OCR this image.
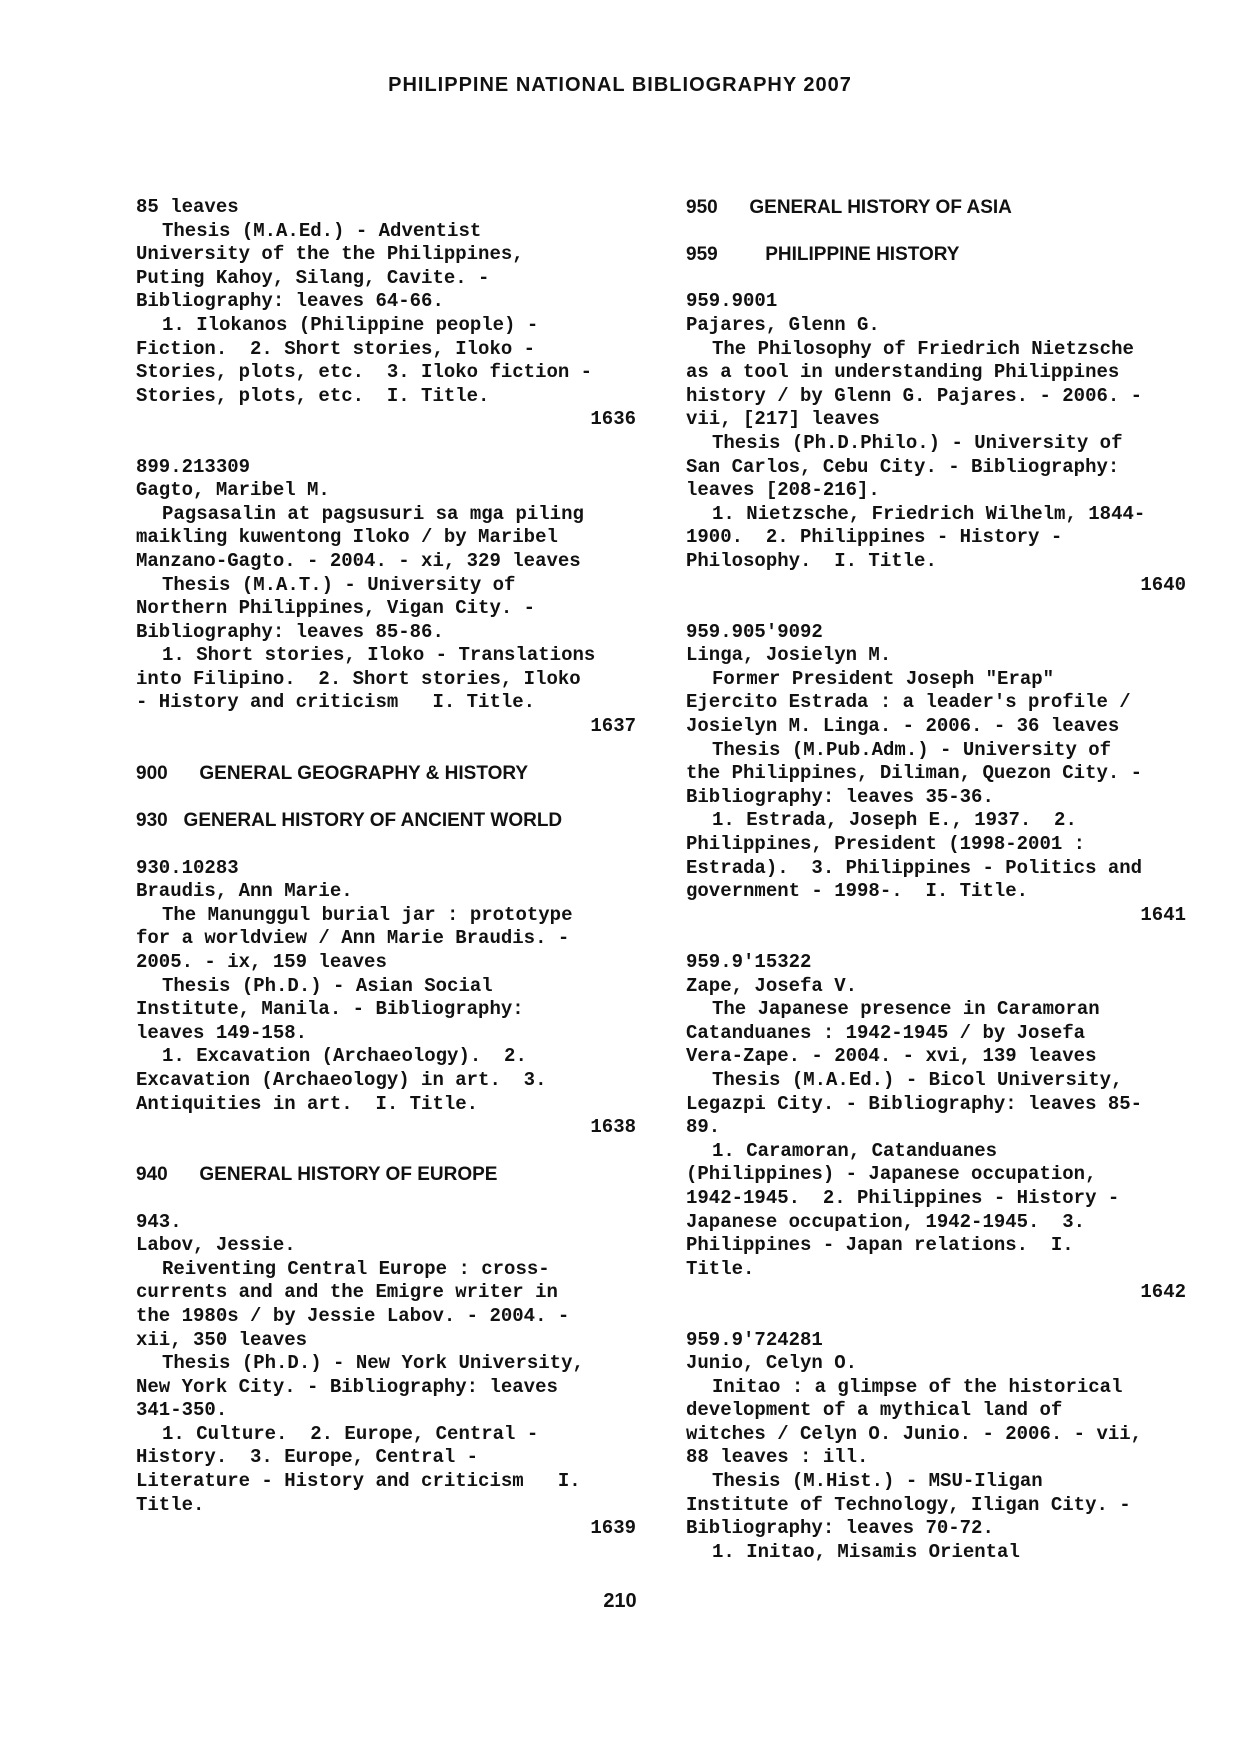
PHILIPPINE NATIONAL BIBLIOGRAPHY 2007
85 leaves
Thesis (M.A.Ed.) - Adventist
University of the the Philippines,
Puting Kahoy, Silang, Cavite. -
Bibliography: leaves 64-66.
1. Ilokanos (Philippine people) -
Fiction.  2. Short stories, Iloko -
Stories, plots, etc.  3. Iloko fiction -
Stories, plots, etc.  I. Title.
1636
899.213309
Gagto, Maribel M.
Pagsasalin at pagsusuri sa mga piling
maikling kuwentong Iloko / by Maribel
Manzano-Gagto. - 2004. - xi, 329 leaves
Thesis (M.A.T.) - University of
Northern Philippines, Vigan City. -
Bibliography: leaves 85-86.
1. Short stories, Iloko - Translations
into Filipino.  2. Short stories, Iloko
- History and criticism   I. Title.
1637
900      GENERAL GEOGRAPHY & HISTORY
930   GENERAL HISTORY OF ANCIENT WORLD
930.10283
Braudis, Ann Marie.
The Manunggul burial jar : prototype
for a worldview / Ann Marie Braudis. -
2005. - ix, 159 leaves
Thesis (Ph.D.) - Asian Social
Institute, Manila. - Bibliography:
leaves 149-158.
1. Excavation (Archaeology).  2.
Excavation (Archaeology) in art.  3.
Antiquities in art.  I. Title.
1638
940      GENERAL HISTORY OF EUROPE
943.
Labov, Jessie.
Reiventing Central Europe : cross-
currents and and the Emigre writer in
the 1980s / by Jessie Labov. - 2004. -
xii, 350 leaves
Thesis (Ph.D.) - New York University,
New York City. - Bibliography: leaves
341-350.
1. Culture.  2. Europe, Central -
History.  3. Europe, Central -
Literature - History and criticism   I.
Title.
1639
950      GENERAL HISTORY OF ASIA
959         PHILIPPINE HISTORY
959.9001
Pajares, Glenn G.
The Philosophy of Friedrich Nietzsche
as a tool in understanding Philippines
history / by Glenn G. Pajares. - 2006. -
vii, [217] leaves
Thesis (Ph.D.Philo.) - University of
San Carlos, Cebu City. - Bibliography:
leaves [208-216].
1. Nietzsche, Friedrich Wilhelm, 1844-
1900.  2. Philippines - History -
Philosophy.  I. Title.
1640
959.905'9092
Linga, Josielyn M.
Former President Joseph "Erap"
Ejercito Estrada : a leader's profile /
Josielyn M. Linga. - 2006. - 36 leaves
Thesis (M.Pub.Adm.) - University of
the Philippines, Diliman, Quezon City. -
Bibliography: leaves 35-36.
1. Estrada, Joseph E., 1937.  2.
Philippines, President (1998-2001 :
Estrada).  3. Philippines - Politics and
government - 1998-.  I. Title.
1641
959.9'15322
Zape, Josefa V.
The Japanese presence in Caramoran
Catanduanes : 1942-1945 / by Josefa
Vera-Zape. - 2004. - xvi, 139 leaves
Thesis (M.A.Ed.) - Bicol University,
Legazpi City. - Bibliography: leaves 85-
89.
1. Caramoran, Catanduanes
(Philippines) - Japanese occupation,
1942-1945.  2. Philippines - History -
Japanese occupation, 1942-1945.  3.
Philippines - Japan relations.  I.
Title.
1642
959.9'724281
Junio, Celyn O.
Initao : a glimpse of the historical
development of a mythical land of
witches / Celyn O. Junio. - 2006. - vii,
88 leaves : ill.
Thesis (M.Hist.) - MSU-Iligan
Institute of Technology, Iligan City. -
Bibliography: leaves 70-72.
1. Initao, Misamis Oriental
210
